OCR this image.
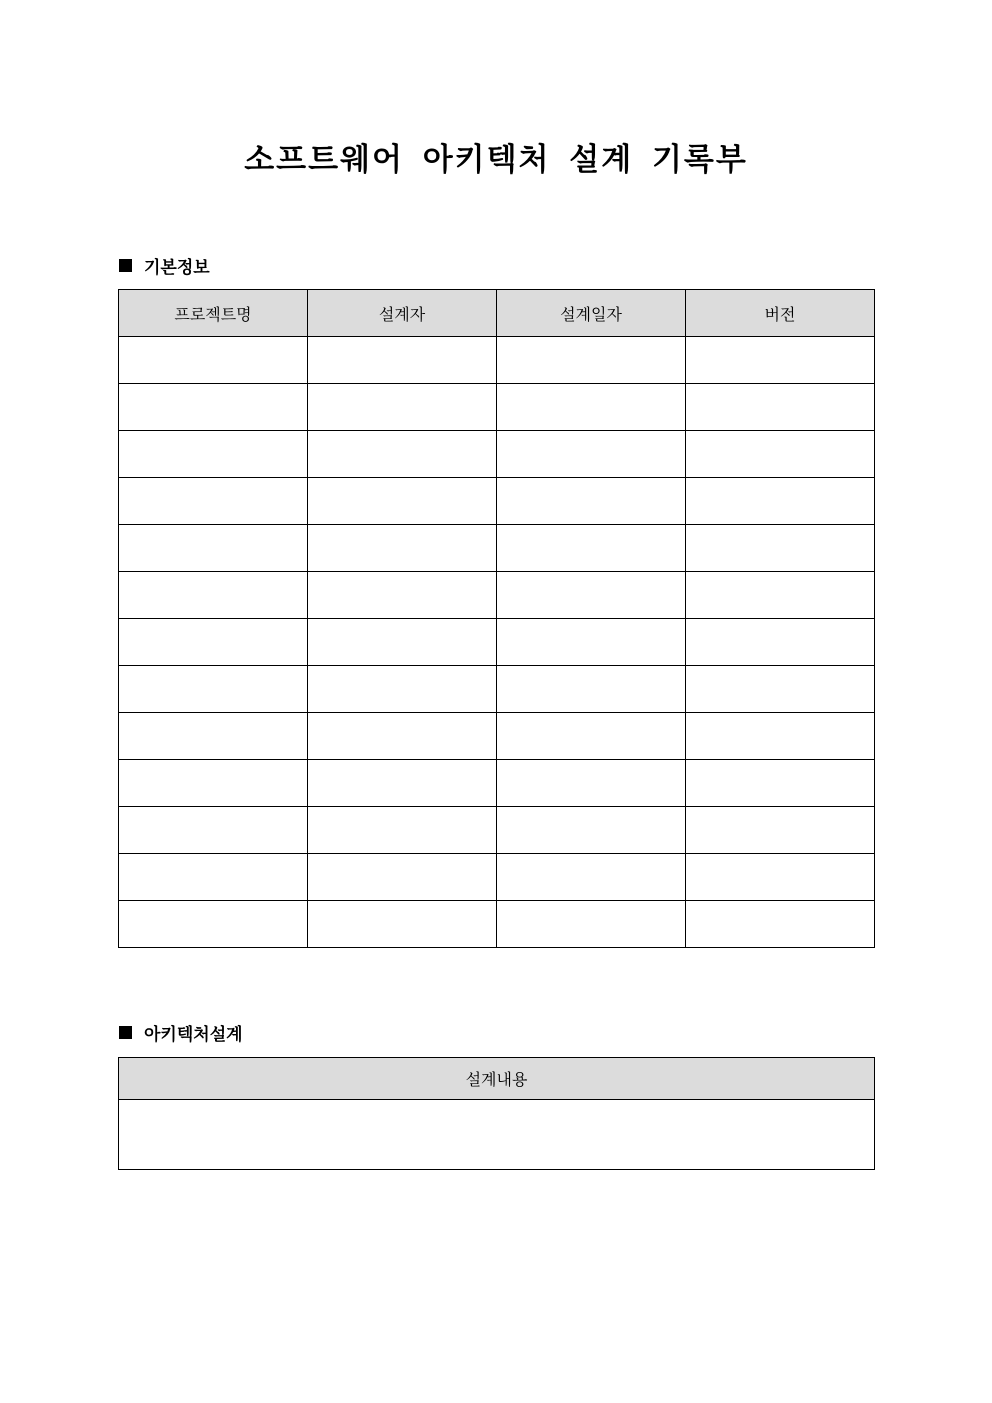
소프트웨어 아키텍처 설계 기록부
기본정보
프로젝트명	설계자	설계일자	버전

아키텍처설계
설계내용
